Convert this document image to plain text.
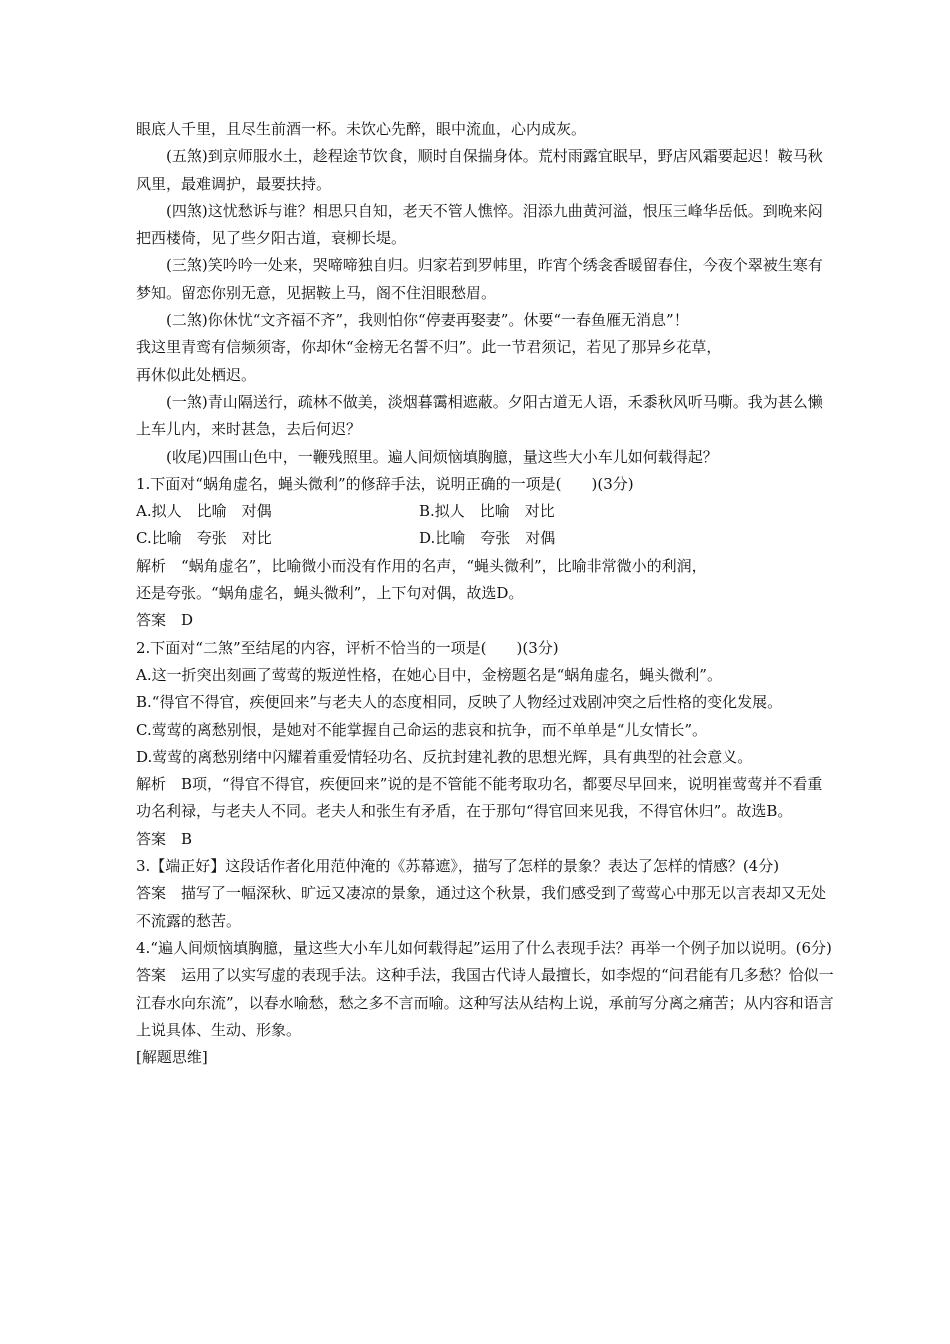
眼底人千里，且尽生前酒一杯。未饮心先醉，眼中流血，心内成灰。

(五煞)到京师服水土，趁程途节饮食，顺时自保揣身体。荒村雨露宜眠早，野店风霜要起迟！鞍马秋风里，最难调护，最要扶持。

(四煞)这忧愁诉与谁？相思只自知，老天不管人憔悴。泪添九曲黄河溢，恨压三峰华岳低。到晚来闷把西楼倚，见了些夕阳古道，衰柳长堤。

(三煞)笑吟吟一处来，哭啼啼独自归。归家若到罗帏里，昨宵个绣衾香暖留春住，今夜个翠被生寒有梦知。留恋你别无意，见据鞍上马，阁不住泪眼愁眉。

(二煞)你休忧“文齐福不齐”，我则怕你“停妻再娶妻”。休要“一春鱼雁无消息”！

我这里青鸾有信频须寄，你却休“金榜无名誓不归”。此一节君须记，若见了那异乡花草，

再休似此处栖迟。

(一煞)青山隔送行，疏林不做美，淡烟暮霭相遮蔽。夕阳古道无人语，禾黍秋风听马嘶。我为甚么懒上车儿内，来时甚急，去后何迟？

(收尾)四围山色中，一鞭残照里。遍人间烦恼填胸臆，量这些大小车儿如何载得起？

1.下面对“蜗角虚名，蝇头微利”的修辞手法，说明正确的一项是(　　)(3分)

A.拟人　比喻　对偶	B.拟人　比喻　对比
C.比喻　夸张　对比	D.比喻　夸张　对偶

解析　“蜗角虚名”，比喻微小而没有作用的名声，“蝇头微利”，比喻非常微小的利润，

还是夸张。“蜗角虚名，蝇头微利”，上下句对偶，故选D。

答案　D

2.下面对“二煞”至结尾的内容，评析不恰当的一项是(　　)(3分)

A.这一折突出刻画了莺莺的叛逆性格，在她心目中，金榜题名是“蜗角虚名，蝇头微利”。

B.“得官不得官，疾便回来”与老夫人的态度相同，反映了人物经过戏剧冲突之后性格的变化发展。

C.莺莺的离愁别恨，是她对不能掌握自己命运的悲哀和抗争，而不单单是“儿女情长”。

D.莺莺的离愁别绪中闪耀着重爱情轻功名、反抗封建礼教的思想光辉，具有典型的社会意义。

解析　B项，“得官不得官，疾便回来”说的是不管能不能考取功名，都要尽早回来，说明崔莺莺并不看重功名利禄，与老夫人不同。老夫人和张生有矛盾，在于那句“得官回来见我，不得官休归”。故选B。

答案　B

3.【端正好】这段话作者化用范仲淹的《苏幕遮》，描写了怎样的景象？表达了怎样的情感？(4分)

答案　描写了一幅深秋、旷远又凄凉的景象，通过这个秋景，我们感受到了莺莺心中那无以言表却又无处不流露的愁苦。

4.“遍人间烦恼填胸臆，量这些大小车儿如何载得起”运用了什么表现手法？再举一个例子加以说明。(6分)

答案　运用了以实写虚的表现手法。这种手法，我国古代诗人最擅长，如李煜的“问君能有几多愁？恰似一江春水向东流”，以春水喻愁，愁之多不言而喻。这种写法从结构上说，承前写分离之痛苦；从内容和语言上说具体、生动、形象。

[解题思维]
